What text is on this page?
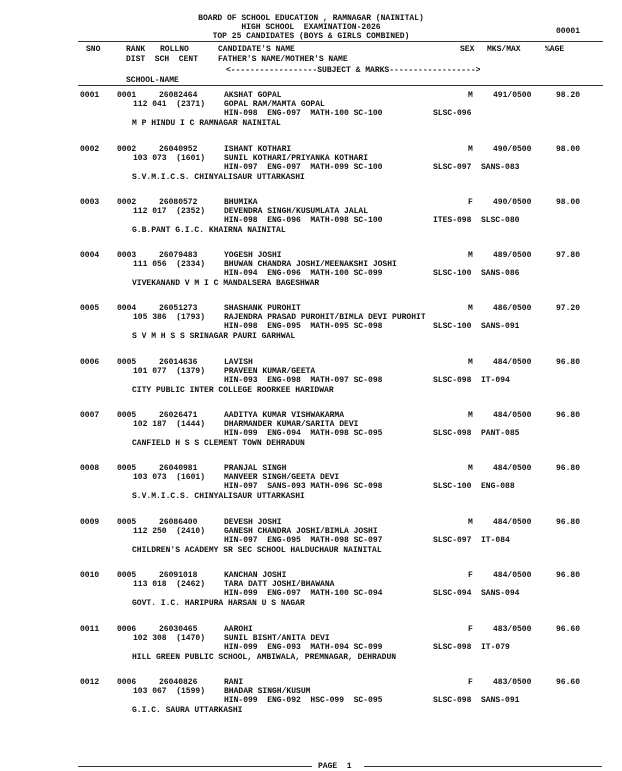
BOARD OF SCHOOL EDUCATION , RAMNAGAR (NAINITAL)
HIGH SCHOOL  EXAMINATION-2026
TOP 25 CANDIDATES (BOYS & GIRLS COMBINED)
00001
SNO	RANK ROLLNO	CANDIDATE'S NAME	SEX MKS/MAX	%AGE
DIST  SCH  CENT FATHER'S NAME/MOTHER'S NAME
<------------------SUBJECT & MARKS------------------>
SCHOOL-NAME
0001 0001	26082464	AKSHAT GOPAL	M	491/0500	98.20
112 041  (2371) GOPAL RAM/MAMTA GOPAL
HIN-098  ENG-097  MATH-100 SC-100	SLSC-096
M P HINDU I C RAMNAGAR NAINITAL
0002 0002	26040952	ISHANT KOTHARI	M	490/0500	98.00
103 073  (1601) SUNIL KOTHARI/PRIYANKA KOTHARI
HIN-097  ENG-097  MATH-099 SC-100	SLSC-097  SANS-083
S.V.M.I.C.S. CHINYALISAUR UTTARKASHI
0003 0002	26080572	BHUMIKA	F	490/0500	98.00
112 017  (2352) DEVENDRA SINGH/KUSUMLATA JALAL
HIN-098  ENG-096  MATH-098 SC-100	ITES-098  SLSC-080
G.B.PANT G.I.C. KHAIRNA NAINITAL
0004 0003	26079483	YOGESH JOSHI	M	489/0500	97.80
111 056  (2334) BHUWAN CHANDRA JOSHI/MEENAKSHI JOSHI
HIN-094  ENG-096  MATH-100 SC-099	SLSC-100  SANS-086
VIVEKANAND V M I C MANDALSERA BAGESHWAR
0005 0004	26051273	SHASHANK PUROHIT	M	486/0500	97.20
105 386  (1793) RAJENDRA PRASAD PUROHIT/BIMLA DEVI PUROHIT
HIN-098  ENG-095  MATH-095 SC-098	SLSC-100  SANS-091
S V M H S S SRINAGAR PAURI GARHWAL
0006 0005	26014636	LAVISH	M	484/0500	96.80
101 077  (1379) PRAVEEN KUMAR/GEETA
HIN-093  ENG-098  MATH-097 SC-098	SLSC-098  IT-094
CITY PUBLIC INTER COLLEGE ROORKEE HARIDWAR
0007 0005	26026471	AADITYA KUMAR VISHWAKARMA	M	484/0500	96.80
102 187  (1444) DHARMANDER KUMAR/SARITA DEVI
HIN-099  ENG-094  MATH-098 SC-095	SLSC-098  PANT-085
CANFIELD H S S CLEMENT TOWN DEHRADUN
0008 0005	26040981	PRANJAL SINGH	M	484/0500	96.80
103 073  (1601) MANVEER SINGH/GEETA DEVI
HIN-097  SANS-093 MATH-096 SC-098	SLSC-100  ENG-088
S.V.M.I.C.S. CHINYALISAUR UTTARKASHI
0009 0005	26086400	DEVESH JOSHI	M	484/0500	96.80
112 250  (2410) GANESH CHANDRA JOSHI/BIMLA JOSHI
HIN-097  ENG-095  MATH-098 SC-097	SLSC-097  IT-084
CHILDREN'S ACADEMY SR SEC SCHOOL HALDUCHAUR NAINITAL
0010 0005	26091018	KANCHAN JOSHI	F	484/0500	96.80
113 018  (2462) TARA DATT JOSHI/BHAWANA
HIN-099  ENG-097  MATH-100 SC-094	SLSC-094  SANS-094
GOVT. I.C. HARIPURA HARSAN U S NAGAR
0011 0006	26030465	AAROHI	F	483/0500	96.60
102 308  (1470) SUNIL BISHT/ANITA DEVI
HIN-099  ENG-093  MATH-094 SC-099	SLSC-098  IT-079
HILL GREEN PUBLIC SCHOOL, AMBIWALA, PREMNAGAR, DEHRADUN
0012 0006	26040826	RANI	F	483/0500	96.60
103 067  (1599) BHADAR SINGH/KUSUM
HIN-099  ENG-092  HSC-099  SC-095	SLSC-098  SANS-091
G.I.C. SAURA UTTARKASHI
PAGE  1
